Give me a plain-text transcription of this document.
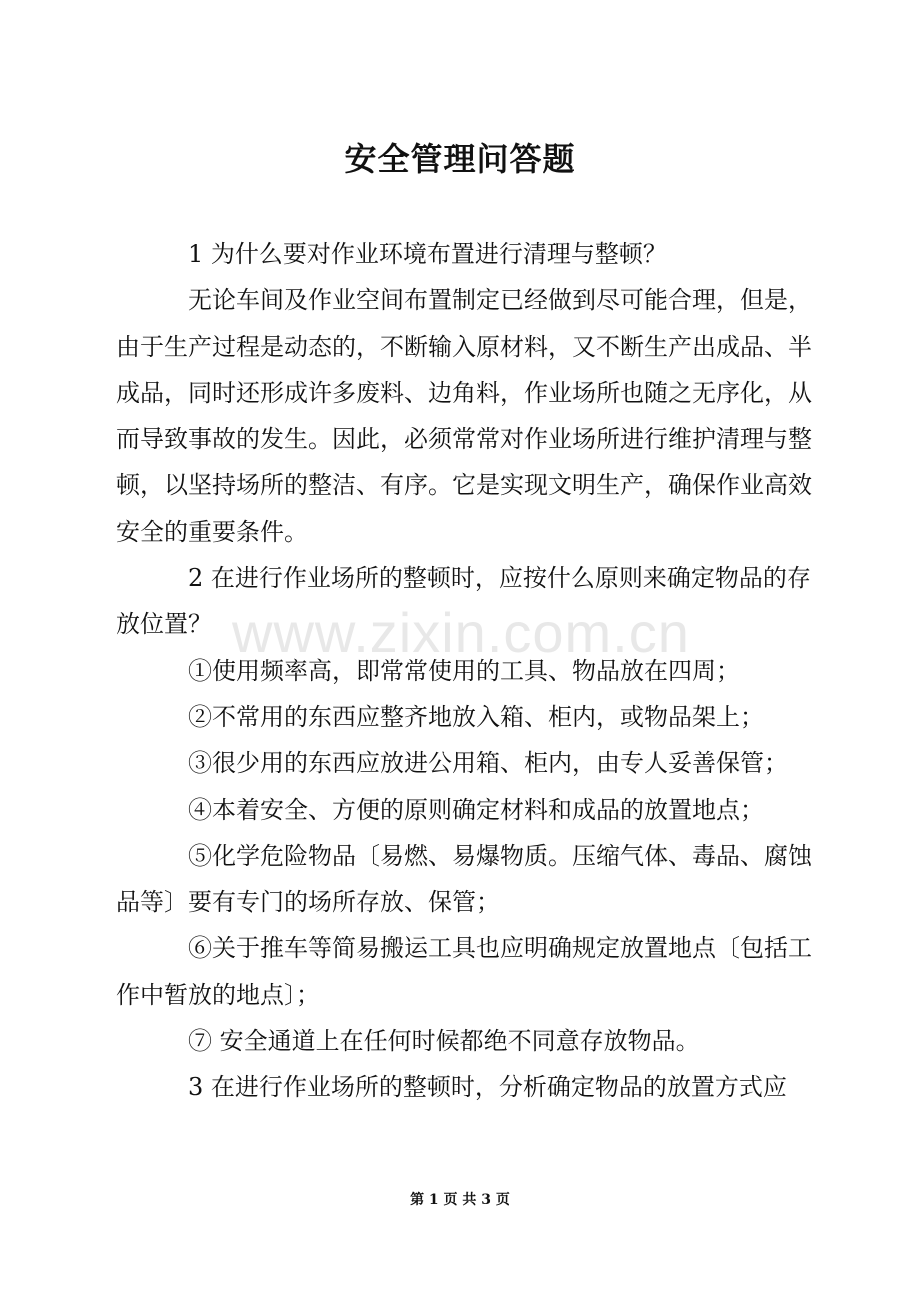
安全管理问答题

1 为什么要对作业环境布置进行清理与整顿？

无论车间及作业空间布置制定已经做到尽可能合理，但是，由于生产过程是动态的，不断输入原材料，又不断生产出成品、半成品，同时还形成许多废料、边角料，作业场所也随之无序化，从而导致事故的发生。因此，必须常常对作业场所进行维护清理与整顿，以坚持场所的整洁、有序。它是实现文明生产，确保作业高效安全的重要条件。

2 在进行作业场所的整顿时，应按什么原则来确定物品的存放位置？

①使用频率高，即常常使用的工具、物品放在四周；

②不常用的东西应整齐地放入箱、柜内，或物品架上；

③很少用的东西应放进公用箱、柜内，由专人妥善保管；

④本着安全、方便的原则确定材料和成品的放置地点；

⑤化学危险物品〔易燃、易爆物质。压缩气体、毒品、腐蚀品等〕要有专门的场所存放、保管；

⑥关于推车等简易搬运工具也应明确规定放置地点〔包括工作中暂放的地点〕；

⑦ 安全通道上在任何时候都绝不同意存放物品。

3 在进行作业场所的整顿时，分析确定物品的放置方式应

www.zixin.com.cn
第 1 页 共 3 页
